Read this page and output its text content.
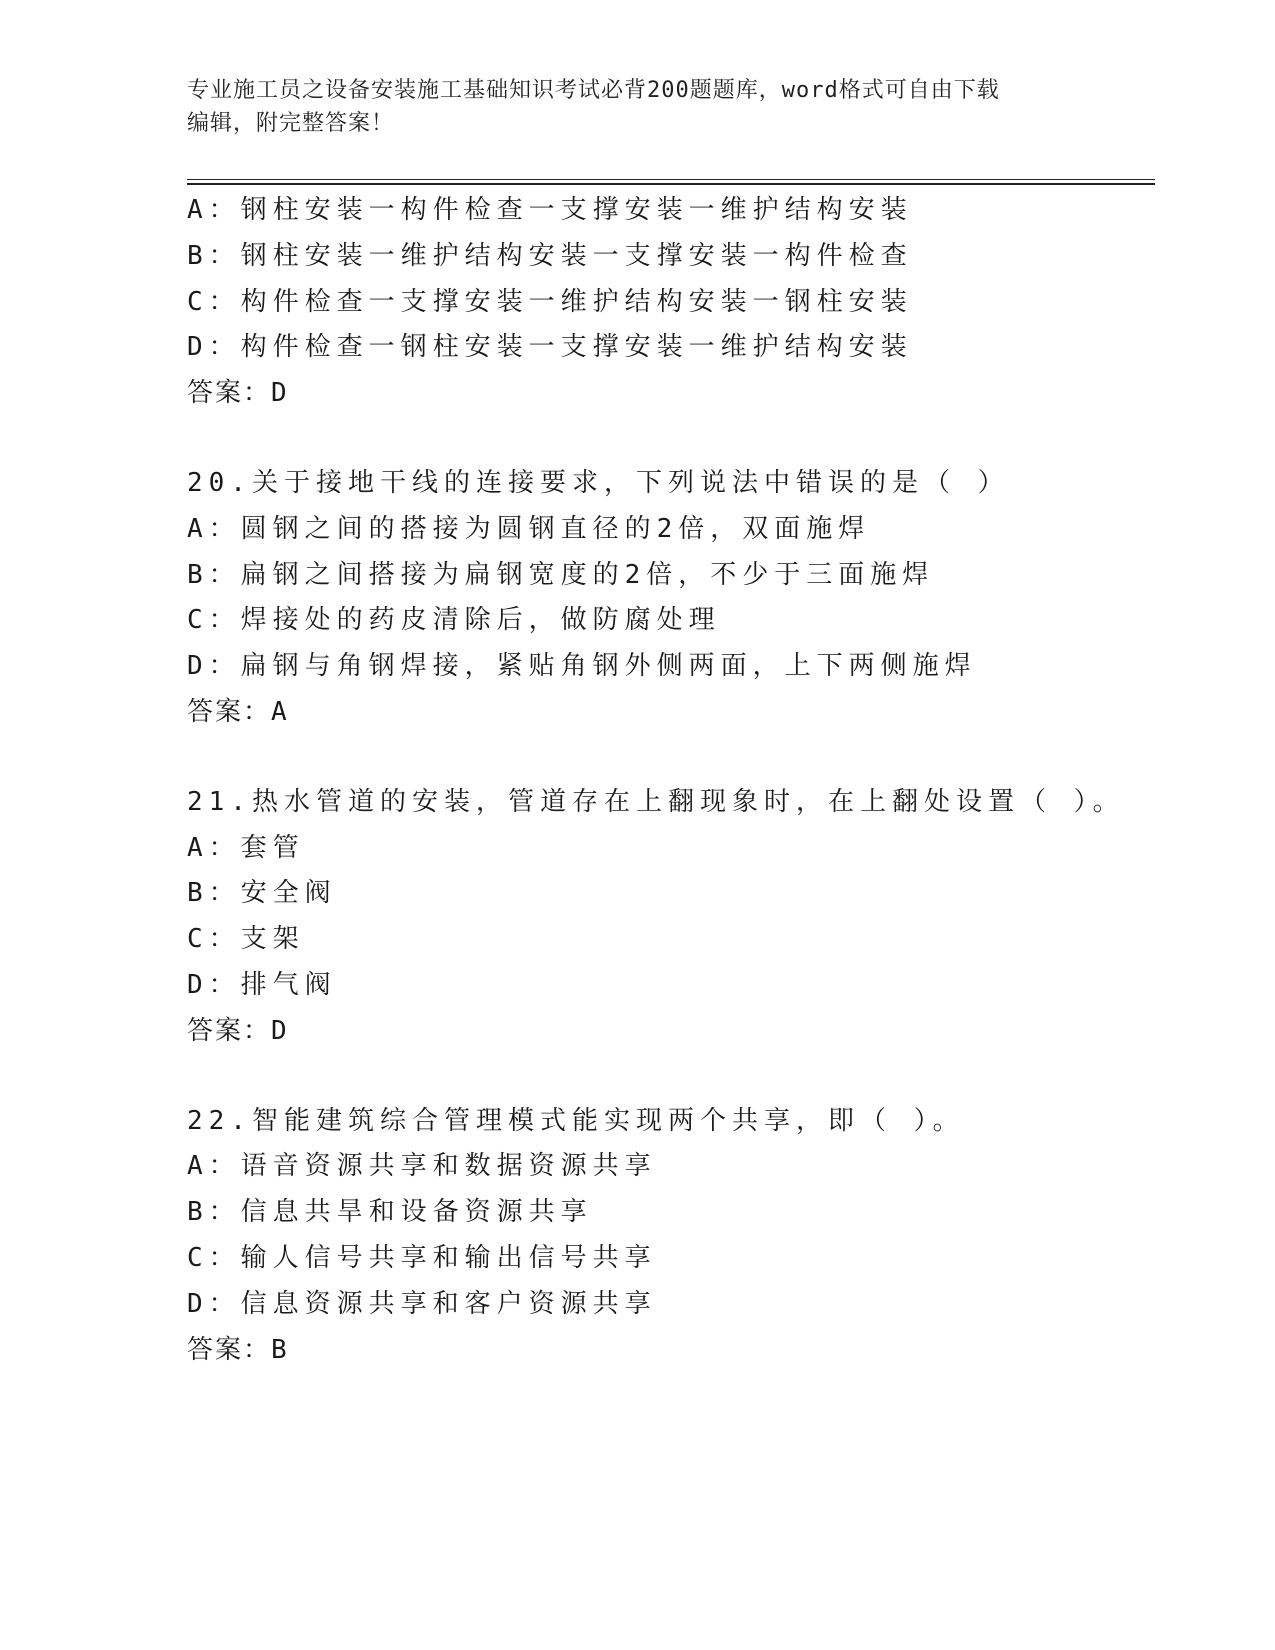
专业施工员之设备安装施工基础知识考试必背200题题库，word格式可自由下载
编辑，附完整答案！
A：钢柱安装一构件检查一支撑安装一维护结构安装
B：钢柱安装一维护结构安装一支撑安装一构件检查
C：构件检查一支撑安装一维护结构安装一钢柱安装
D：构件检查一钢柱安装一支撑安装一维护结构安装
答案：D
20.关于接地干线的连接要求，下列说法中错误的是（ ）
A：圆钢之间的搭接为圆钢直径的2倍，双面施焊
B：扁钢之间搭接为扁钢宽度的2倍，不少于三面施焊
C：焊接处的药皮清除后，做防腐处理
D：扁钢与角钢焊接，紧贴角钢外侧两面，上下两侧施焊
答案：A
21.热水管道的安装，管道存在上翻现象时，在上翻处设置（ ）。
A：套管
B：安全阀
C：支架
D：排气阀
答案：D
22.智能建筑综合管理模式能实现两个共享，即（ ）。
A：语音资源共享和数据资源共享
B：信息共旱和设备资源共享
C：输人信号共享和输出信号共享
D：信息资源共享和客户资源共享
答案：B
